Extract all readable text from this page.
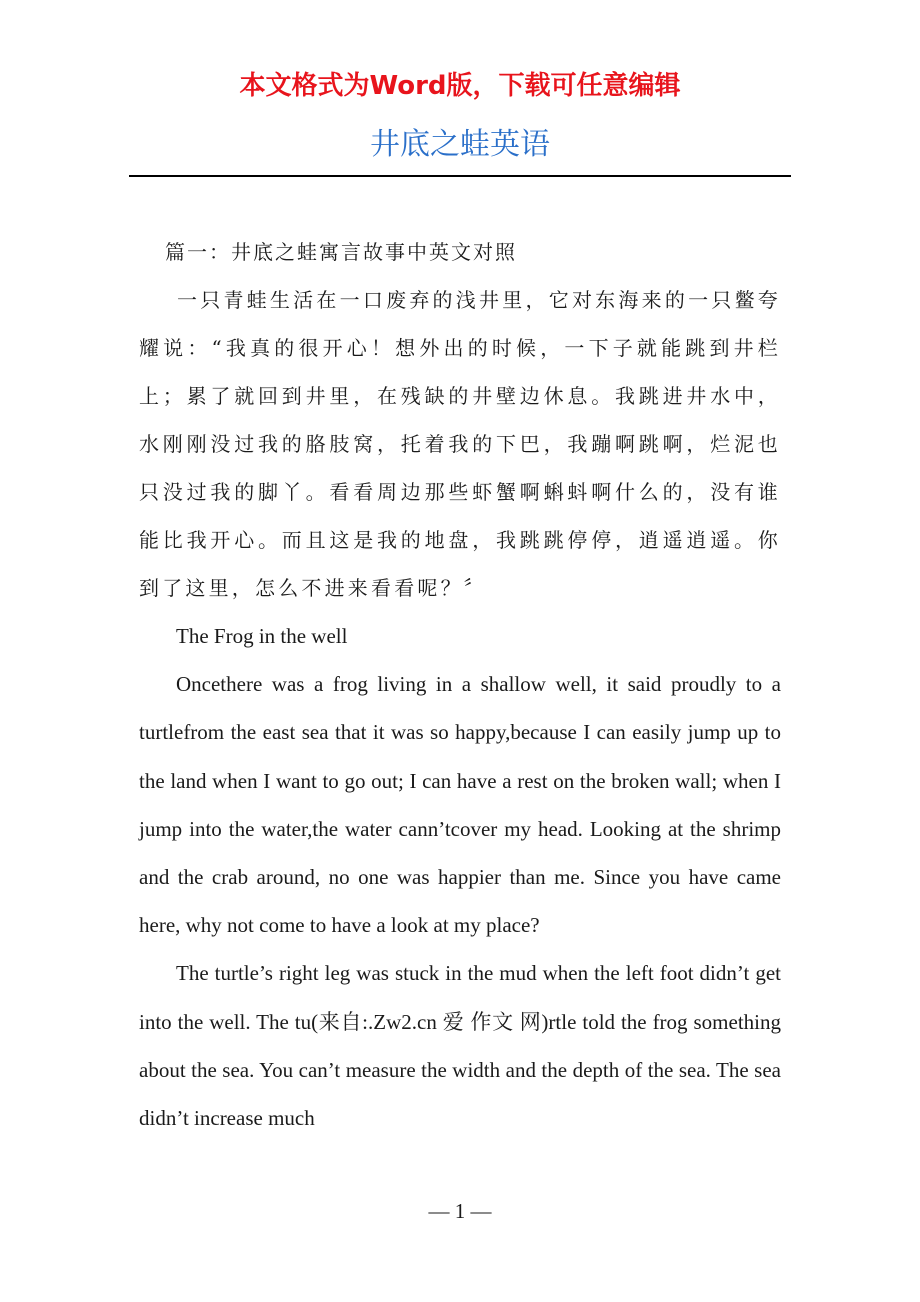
本文格式为Word版，下载可任意编辑
井底之蛙英语

篇一：井底之蛙寓言故事中英文对照

一只青蛙生活在一口废弃的浅井里，它对东海来的一只鳖夸耀说：“我真的很开心！想外出的时候，一下子就能跳到井栏上；累了就回到井里，在残缺的井壁边休息。我跳进井水中，水刚刚没过我的胳肢窝，托着我的下巴，我蹦啊跳啊，烂泥也只没过我的脚丫。看看周边那些虾蟹啊蝌蚪啊什么的，没有谁能比我开心。而且这是我的地盘，我跳跳停停，逍遥逍遥。你到了这里，怎么不进来看看呢？〞

The Frog in the well

Oncethere was a frog living in a shallow well, it said proudly to a turtlefrom the east sea that it was so happy,because I can easily jump up to the land when I want to go out; I can have a rest on the broken wall; when I jump into the water,the water cann’tcover my head. Looking at the shrimp and the crab around, no one was happier than me. Since you have came here, why not come to have a look at my place?

The turtle’s right leg was stuck in the mud when the left foot didn’t get into the well. The tu(来自:.Zw2.cn 爱 作文 网)rtle told the frog something about the sea. You can’t measure the width and the depth of the sea. The sea didn’t increase much

— 1 —
